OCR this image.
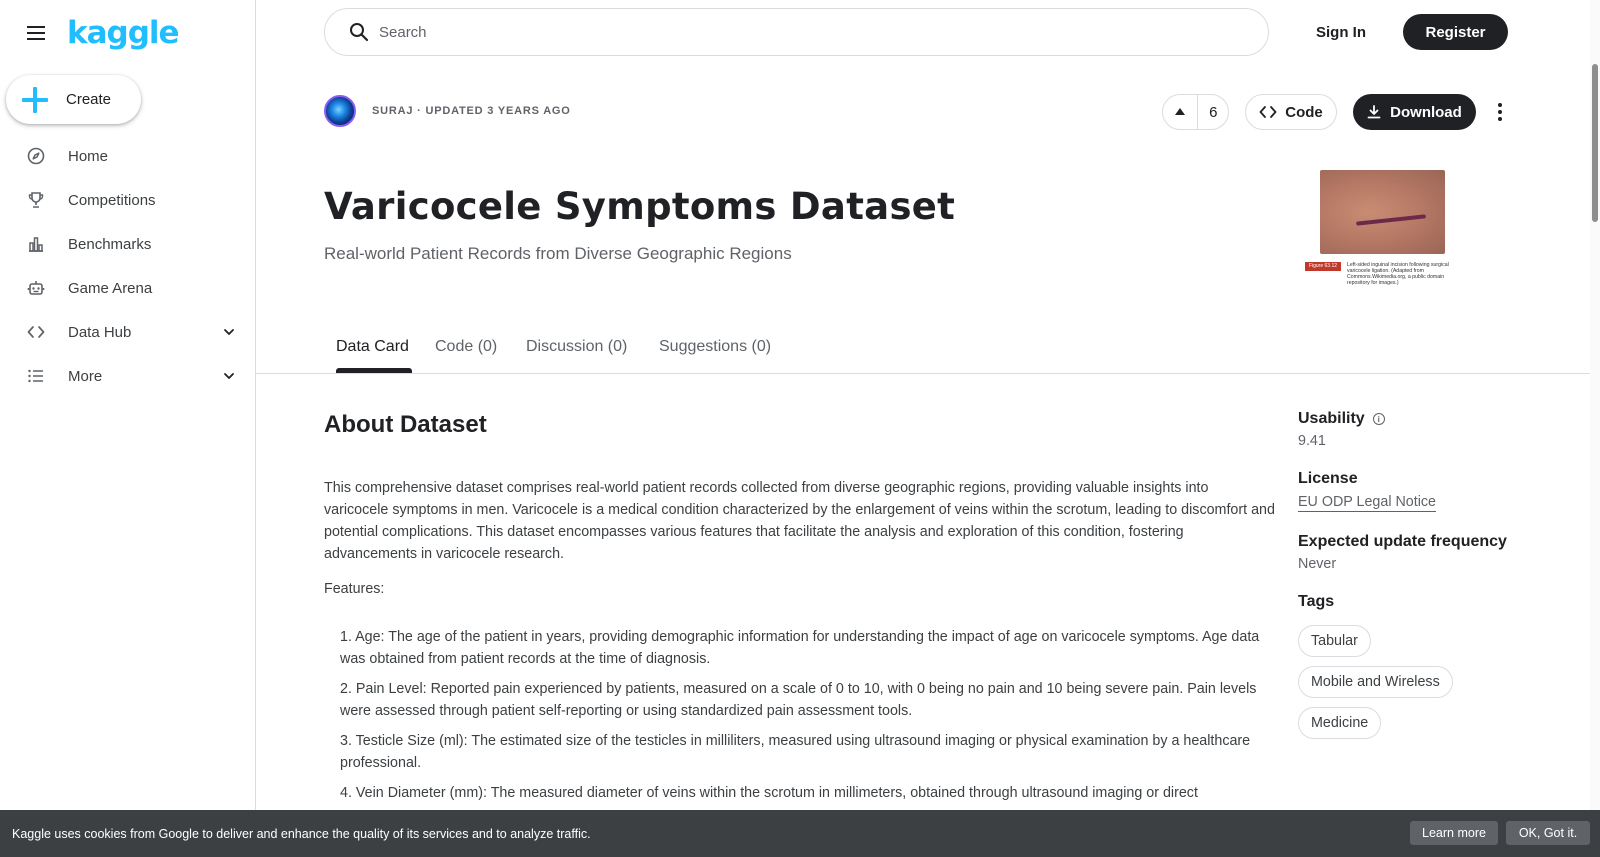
kaggle
Create
Home
Competitions
Benchmarks
Game Arena
Data Hub
More
Search
Sign In	Register
SURAJ · UPDATED 3 YEARS AGO	6	Code	Download
Varicocele Symptoms Dataset

Real-world Patient Records from Diverse Geographic Regions

Left-sided inguinal incision following surgical varicocele ligation. (Adapted from Commons.Wikimedia.org, a public domain repository for images.)
Figure 63.12
Data Card Code (0) Discussion (0) Suggestions (0)
About Dataset

This comprehensive dataset comprises real-world patient records collected from diverse geographic regions, providing valuable insights into varicocele symptoms in men. Varicocele is a medical condition characterized by the enlargement of veins within the scrotum, leading to discomfort and potential complications. This dataset encompasses various features that facilitate the analysis and exploration of this condition, fostering advancements in varicocele research.

Features:

1. Age: The age of the patient in years, providing demographic information for understanding the impact of age on varicocele symptoms. Age data was obtained from patient records at the time of diagnosis.
2. Pain Level: Reported pain experienced by patients, measured on a scale of 0 to 10, with 0 being no pain and 10 being severe pain. Pain levels were assessed through patient self-reporting or using standardized pain assessment tools.
3. Testicle Size (ml): The estimated size of the testicles in milliliters, measured using ultrasound imaging or physical examination by a healthcare professional.
4. Vein Diameter (mm): The measured diameter of veins within the scrotum in millimeters, obtained through ultrasound imaging or direct
Usability	i
9.41
License
EU ODP Legal Notice
Expected update frequency
Never
Tags
Tabular
Mobile and Wireless
Medicine
Kaggle uses cookies from Google to deliver and enhance the quality of its services and to analyze traffic.	Learn more	OK, Got it.
